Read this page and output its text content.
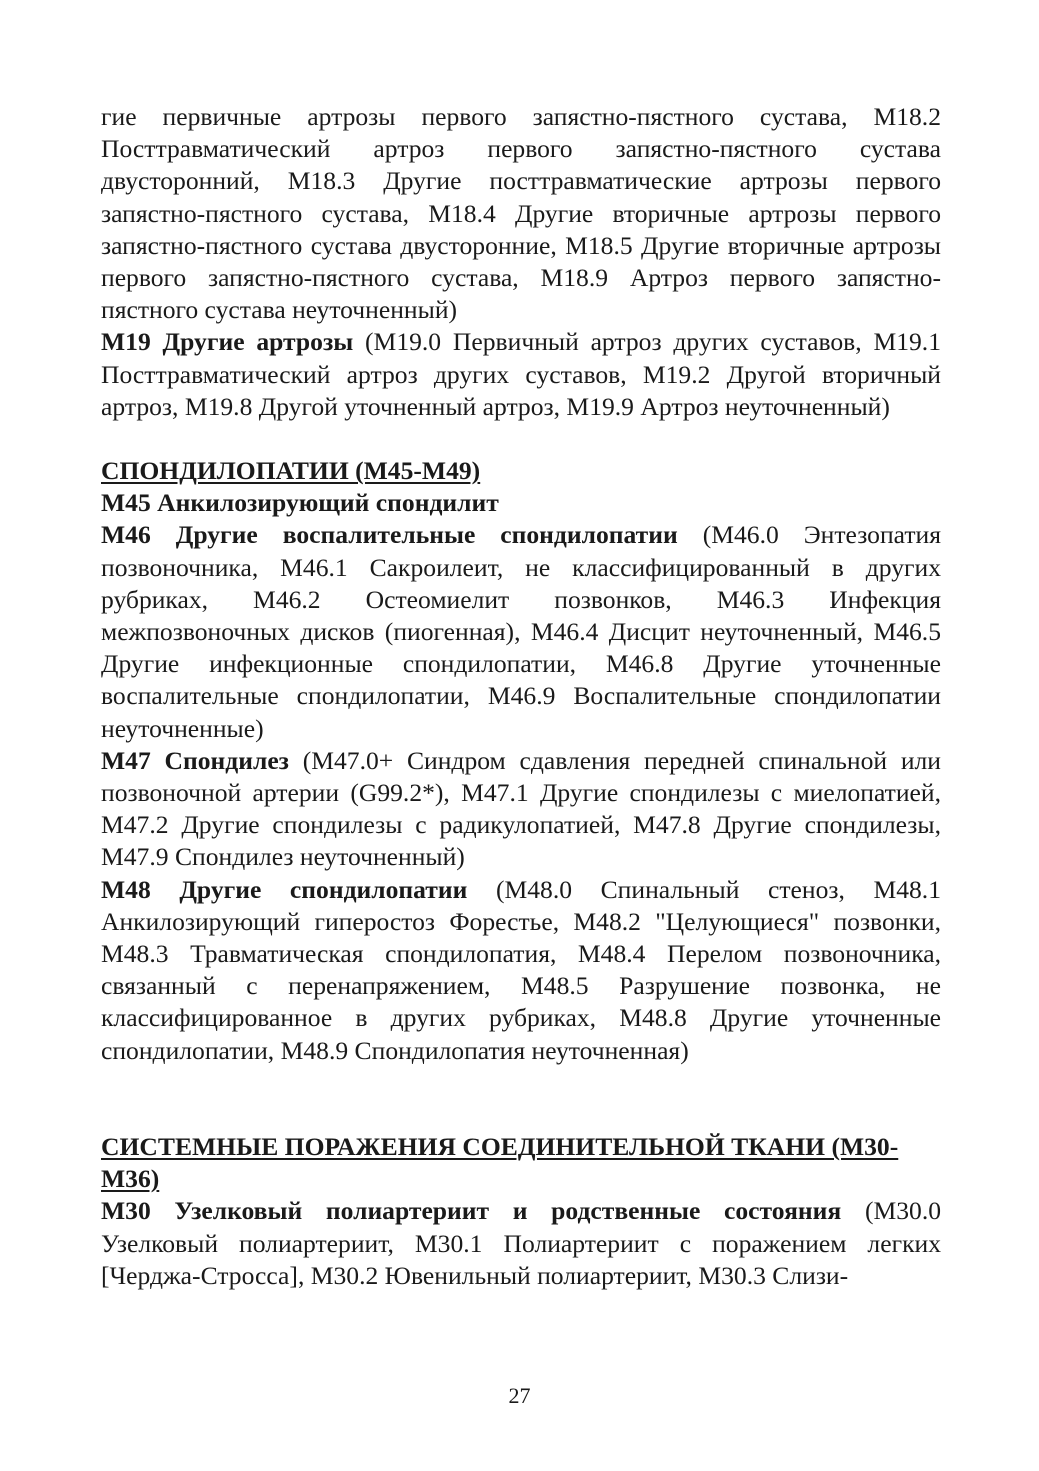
гие первичные артрозы первого запястно-пястного сустава, M18.2 Посттравматический артроз первого запястно-пястного сустава двусторонний, M18.3 Другие посттравматические артрозы первого запястно-пястного сустава, M18.4 Другие вторичные артрозы первого запястно-пястного сустава двусторонние, M18.5 Другие вторичные артрозы первого запястно-пястного сустава, M18.9 Артроз первого запястно-пястного сустава неуточненный)

M19 Другие артрозы (M19.0 Первичный артроз других суставов, M19.1 Посттравматический артроз других суставов, M19.2 Другой вторичный артроз, M19.8 Другой уточненный артроз, M19.9 Артроз неуточненный)

СПОНДИЛОПАТИИ (M45-M49)

M45 Анкилозирующий спондилит

M46 Другие воспалительные спондилопатии (M46.0 Энтезопатия позвоночника, M46.1 Сакроилеит, не классифицированный в других рубриках, M46.2 Остеомиелит позвонков, M46.3 Инфекция межпозвоночных дисков (пиогенная), M46.4 Дисцит неуточненный, M46.5 Другие инфекционные спондилопатии, M46.8 Другие уточненные воспалительные спондилопатии, M46.9 Воспалительные спондилопатии неуточненные)

M47 Спондилез (M47.0+ Синдром сдавления передней спинальной или позвоночной артерии (G99.2*), M47.1 Другие спондилезы с миелопатией, M47.2 Другие спондилезы с радикулопатией, M47.8 Другие спондилезы, M47.9 Спондилез неуточненный)

M48 Другие спондилопатии (M48.0 Спинальный стеноз, M48.1 Анкилозирующий гиперостоз Форестье, M48.2 "Целующиеся" позвонки, M48.3 Травматическая спондилопатия, M48.4 Перелом позвоночника, связанный с перенапряжением, M48.5 Разрушение позвонка, не классифицированное в других рубриках, M48.8 Другие уточненные спондилопатии, M48.9 Спондилопатия неуточненная)

СИСТЕМНЫЕ ПОРАЖЕНИЯ СОЕДИНИТЕЛЬНОЙ ТКАНИ (M30-M36)

M30 Узелковый полиартериит и родственные состояния (M30.0 Узелковый полиартериит, M30.1 Полиартериит с поражением легких [Черджа-Стросса], M30.2 Ювенильный полиартериит, M30.3 Слизи-

27
